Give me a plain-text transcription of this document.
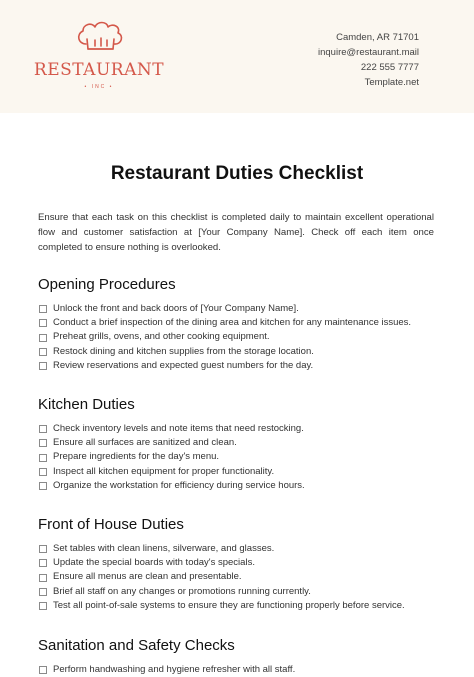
RESTAURANT
• INC •
Camden, AR 71701
inquire@restaurant.mail
222 555 7777
Template.net
Restaurant Duties Checklist
Ensure that each task on this checklist is completed daily to maintain excellent operational flow and customer satisfaction at [Your Company Name]. Check off each item once completed to ensure nothing is overlooked.
Opening Procedures
Unlock the front and back doors of [Your Company Name].
Conduct a brief inspection of the dining area and kitchen for any maintenance issues.
Preheat grills, ovens, and other cooking equipment.
Restock dining and kitchen supplies from the storage location.
Review reservations and expected guest numbers for the day.
Kitchen Duties
Check inventory levels and note items that need restocking.
Ensure all surfaces are sanitized and clean.
Prepare ingredients for the day's menu.
Inspect all kitchen equipment for proper functionality.
Organize the workstation for efficiency during service hours.
Front of House Duties
Set tables with clean linens, silverware, and glasses.
Update the special boards with today's specials.
Ensure all menus are clean and presentable.
Brief all staff on any changes or promotions running currently.
Test all point-of-sale systems to ensure they are functioning properly before service.
Sanitation and Safety Checks
Perform handwashing and hygiene refresher with all staff.
